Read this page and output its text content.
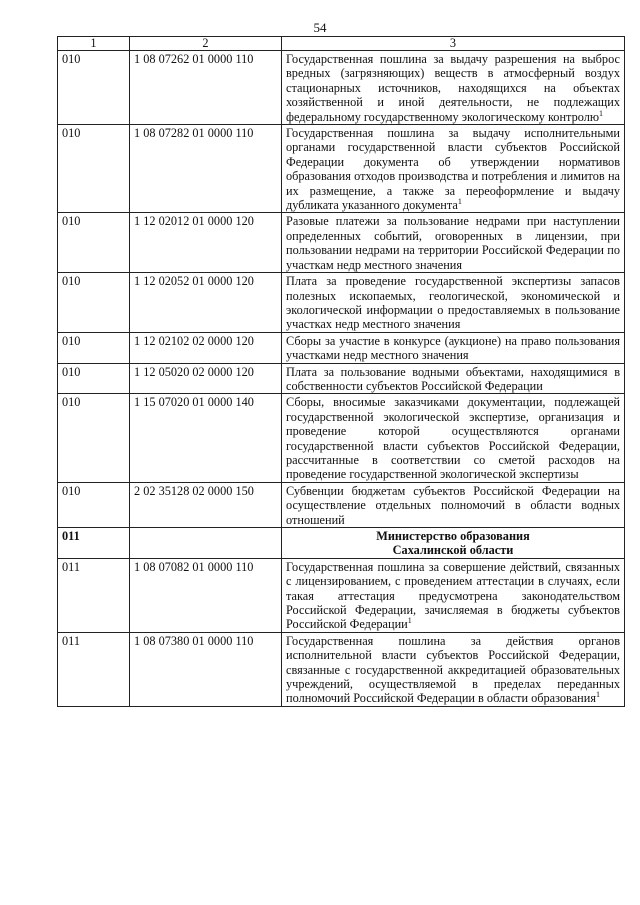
54
1	2	3
010	1 08 07262 01 0000 110	Государственная пошлина за выдачу разрешения на выброс вредных (загрязняющих) веществ в атмосферный воздух стационарных источников, находящихся на объектах хозяйственной и иной деятельности, не подлежащих федеральному государственному экологическому контролю$^1$
010	1 08 07282 01 0000 110	Государственная пошлина за выдачу исполнительными органами государственной власти субъектов Российской Федерации документа об утверждении нормативов образования отходов производства и потребления и лимитов на их размещение, а также за переоформление и выдачу дубликата указанного документа$^1$
010	1 12 02012 01 0000 120	Разовые платежи за пользование недрами при наступлении определенных событий, оговоренных в лицензии, при пользовании недрами на территории Российской Федерации по участкам недр местного значения
010	1 12 02052 01 0000 120	Плата за проведение государственной экспертизы запасов полезных ископаемых, геологической, экономической и экологической информации о предоставляемых в пользование участках недр местного значения
010	1 12 02102 02 0000 120	Сборы за участие в конкурсе (аукционе) на право пользования участками недр местного значения
010	1 12 05020 02 0000 120	Плата за пользование водными объектами, находящимися в собственности субъектов Российской Федерации
010	1 15 07020 01 0000 140	Сборы, вносимые заказчиками документации, подлежащей государственной экологической экспертизе, организация и проведение которой осуществляются органами государственной власти субъектов Российской Федерации, рассчитанные в соответствии со сметой расходов на проведение государственной экологической экспертизы
010	2 02 35128 02 0000 150	Субвенции бюджетам субъектов Российской Федерации на осуществление отдельных полномочий в области водных отношений
011		Министерство образования
Сахалинской области

011	1 08 07082 01 0000 110	Государственная пошлина за совершение действий, связанных с лицензированием, с проведением аттестации в случаях, если такая аттестация предусмотрена законодательством Российской Федерации, зачисляемая в бюджеты субъектов Российской Федерации$^1$
011	1 08 07380 01 0000 110	Государственная пошлина за действия органов исполнительной власти субъектов Российской Федерации, связанные с государственной аккредитацией образовательных учреждений, осуществляемой в пределах переданных полномочий Российской Федерации в области образования$^1$
